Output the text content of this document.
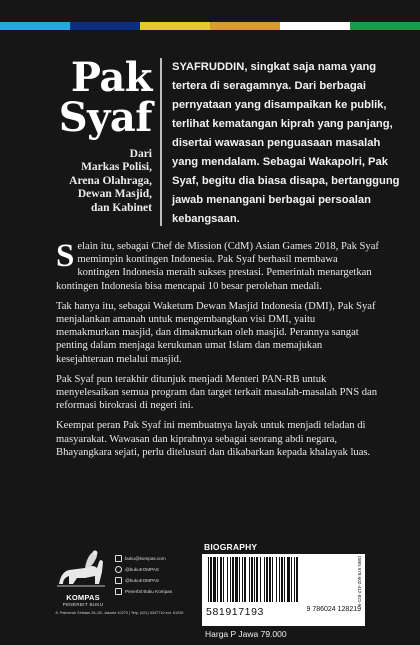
Pak
Syaf
Dari
Markas Polisi,
Arena Olahraga,
Dewan Masjid,
dan Kabinet
SYAFRUDDIN, singkat saja nama yang tertera di seragamnya. Dari berbagai pernyataan yang disampaikan ke publik, terlihat kematangan kiprah yang panjang, disertai wawasan penguasaan masalah yang mendalam. Sebagai Wakapolri, Pak Syaf, begitu dia biasa disapa, bertanggung jawab menangani berbagai persoalan kebangsaan.

Selain itu, sebagai Chef de Mission (CdM) Asian Games 2018, Pak Syaf memimpin kontingen Indonesia. Pak Syaf berhasil membawa kontingen Indonesia meraih sukses prestasi. Pemerintah menargetkan kontingen Indonesia bisa mencapai 10 besar perolehan medali.

Tak hanya itu, sebagai Waketum Dewan Masjid Indonesia (DMI), Pak Syaf menjalankan amanah untuk mengembangkan visi DMI, yaitu memakmurkan masjid, dan dimakmurkan oleh masjid. Perannya sangat penting dalam menjaga kerukunan umat Islam dan memajukan kesejahteraan melalui masjid.

Pak Syaf pun terakhir ditunjuk menjadi Menteri PAN-RB untuk menyelesaikan semua program dan target terkait masalah-masalah PNS dan reformasi birokrasi di negeri ini.

Keempat peran Pak Syaf ini membuatnya layak untuk menjadi teladan di masyarakat. Wawasan dan kiprahnya sebagai seorang abdi negara, Bhayangkara sejati, perlu ditelusuri dan dikabarkan kepada khalayak luas.

KOMPAS
PENERBIT BUKU
buku@kompas.com
@bukuKOMPAS
@bukuKOMPAS
Penerbit Buku Kompas
Jl. Palmerah Selatan 26–28, Jakarta 10270 | Telp. (021) 5347710 ext. 61025
BIOGRAPHY
ISBN 978-602-412-821-9
581917193	9 786024 128219
Harga P Jawa 79.000
